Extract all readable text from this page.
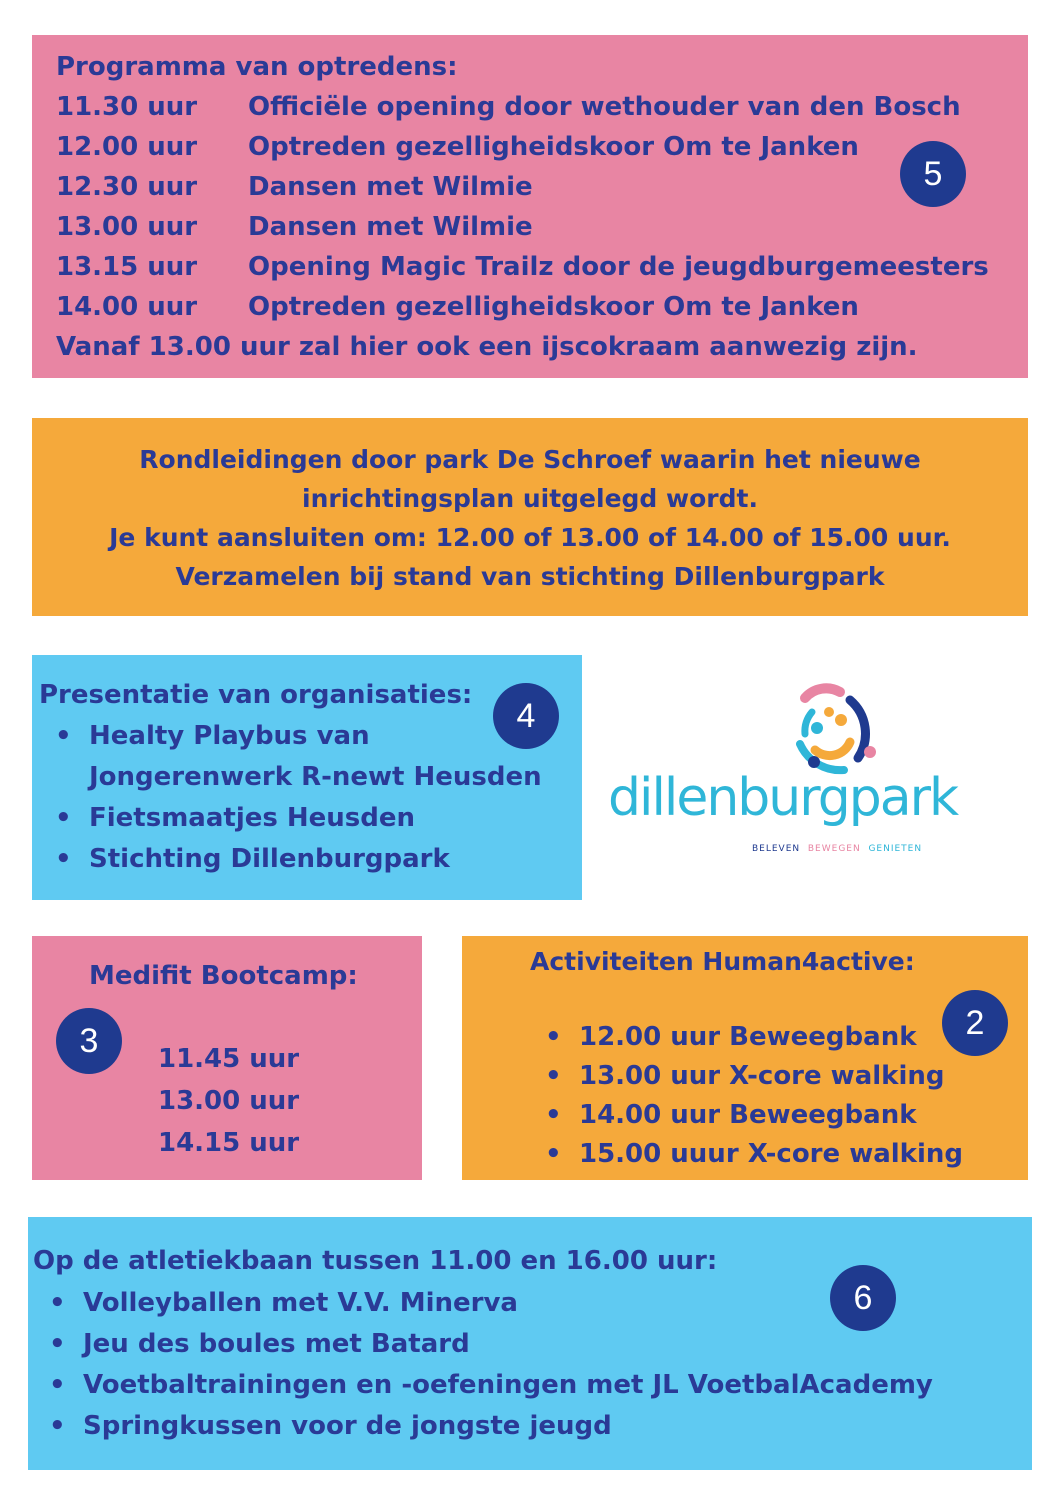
Programma van optredens:
11.30 uur	Officiële opening door wethouder van den Bosch
12.00 uur	Optreden gezelligheidskoor Om te Janken
12.30 uur	Dansen met Wilmie
13.00 uur	Dansen met Wilmie
13.15 uur	Opening Magic Trailz door de jeugdburgemeesters
14.00 uur	Optreden gezelligheidskoor Om te Janken
Vanaf 13.00 uur zal hier ook een ijscokraam aanwezig zijn.
5
Rondleidingen door park De Schroef waarin het nieuwe
inrichtingsplan uitgelegd wordt.
Je kunt aansluiten om: 12.00 of 13.00 of 14.00 of 15.00 uur.
Verzamelen bij stand van stichting Dillenburgpark
Presentatie van organisaties:
• Healty Playbus van Jongerenwerk R-newt Heusden
• Fietsmaatjes Heusden
• Stichting Dillenburgpark
4
dillenburgpark
BELEVEN BEWEGEN GENIETEN
Medifit Bootcamp:
11.45 uur
13.00 uur
14.15 uur
3
Activiteiten Human4active:
• 12.00 uur Beweegbank
• 13.00 uur X-core walking
• 14.00 uur Beweegbank
• 15.00 uuur X-core walking
2
Op de atletiekbaan tussen 11.00 en 16.00 uur:
• Volleyballen met V.V. Minerva
• Jeu des boules met Batard
• Voetbaltrainingen en -oefeningen met JL VoetbalAcademy
• Springkussen voor de jongste jeugd
6
